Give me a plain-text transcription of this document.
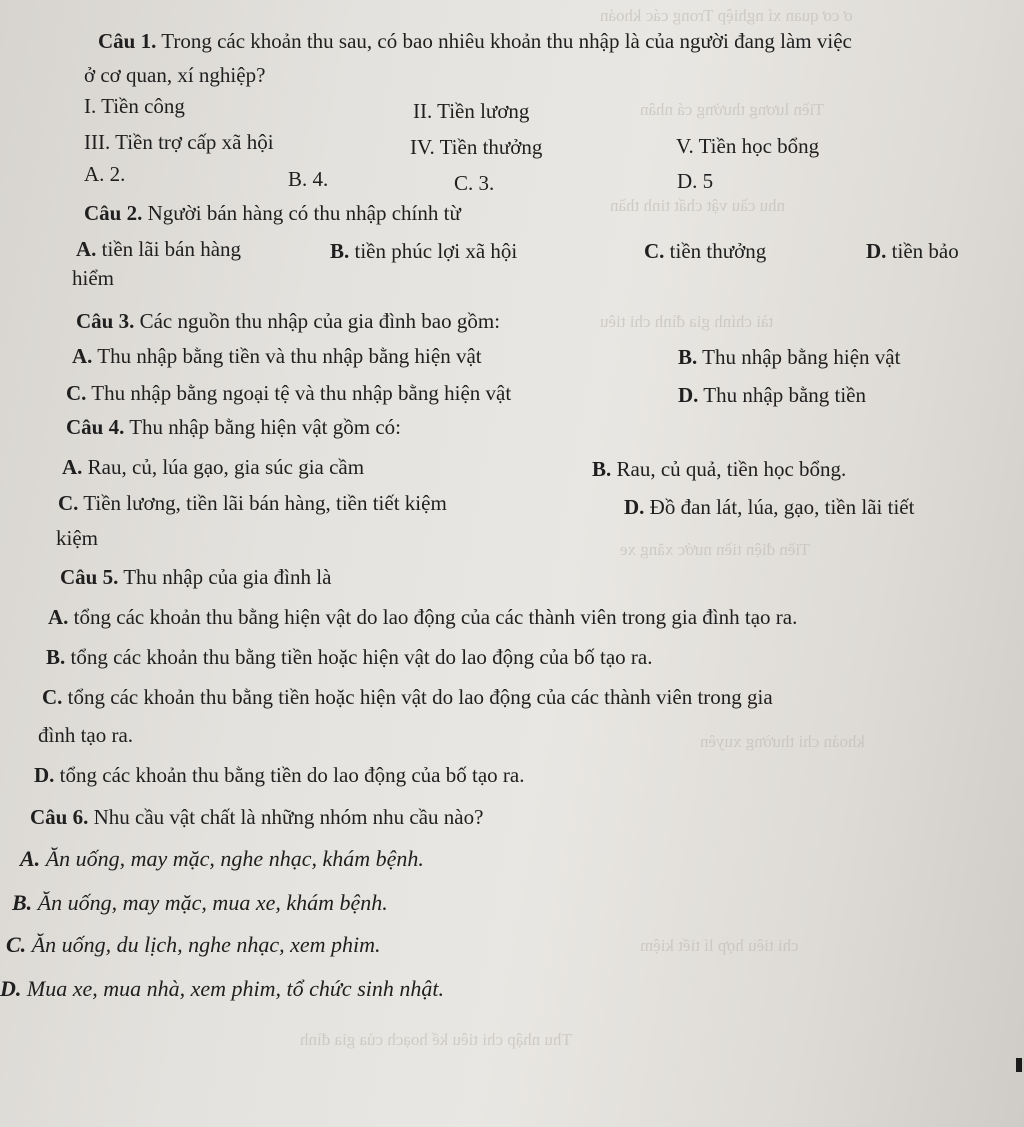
ơ cơ quan xí nghiệp Trong các khoản
Tiền lương thưởng cá nhân
nhu cầu vật chất tinh thần
tài chính gia đình chi tiêu
Tiền điện tiền nước xăng xe
khoản chi thường xuyên
chi tiêu hợp lí tiết kiệm
Thu nhập chi tiêu kế hoạch của gia đình
Câu 1. Trong các khoản thu sau, có bao nhiêu khoản thu nhập là của người đang làm việc
ở cơ quan, xí nghiệp?
I. Tiền công	II. Tiền lương
III. Tiền trợ cấp xã hội	IV. Tiền thưởng	V. Tiền học bổng
A. 2.	B. 4.	C. 3.	D. 5
Câu 2. Người bán hàng có thu nhập chính từ
A. tiền lãi bán hàng	B. tiền phúc lợi xã hội	C. tiền thưởng	D. tiền bảo
hiểm
Câu 3. Các nguồn thu nhập của gia đình bao gồm:
A. Thu nhập bằng tiền và thu nhập bằng hiện vật	B. Thu nhập bằng hiện vật
C. Thu nhập bằng ngoại tệ và thu nhập bằng hiện vật	D. Thu nhập bằng tiền
Câu 4. Thu nhập bằng hiện vật gồm có:
A. Rau, củ, lúa gạo, gia súc gia cầm	B. Rau, củ quả, tiền học bổng.
C. Tiền lương, tiền lãi bán hàng, tiền tiết kiệm	D. Đồ đan lát, lúa, gạo, tiền lãi tiết
kiệm
Câu 5. Thu nhập của gia đình là
A. tổng các khoản thu bằng hiện vật do lao động của các thành viên trong gia đình tạo ra.
B. tổng các khoản thu bằng tiền hoặc hiện vật do lao động của bố tạo ra.
C. tổng các khoản thu bằng tiền hoặc hiện vật do lao động của các thành viên trong gia
đình tạo ra.
D. tổng các khoản thu bằng tiền do lao động của bố tạo ra.
Câu 6. Nhu cầu vật chất là những nhóm nhu cầu nào?
A. Ăn uống, may mặc, nghe nhạc, khám bệnh.
B. Ăn uống, may mặc, mua xe, khám bệnh.
C. Ăn uống, du lịch, nghe nhạc, xem phim.
D. Mua xe, mua nhà, xem phim, tổ chức sinh nhật.
